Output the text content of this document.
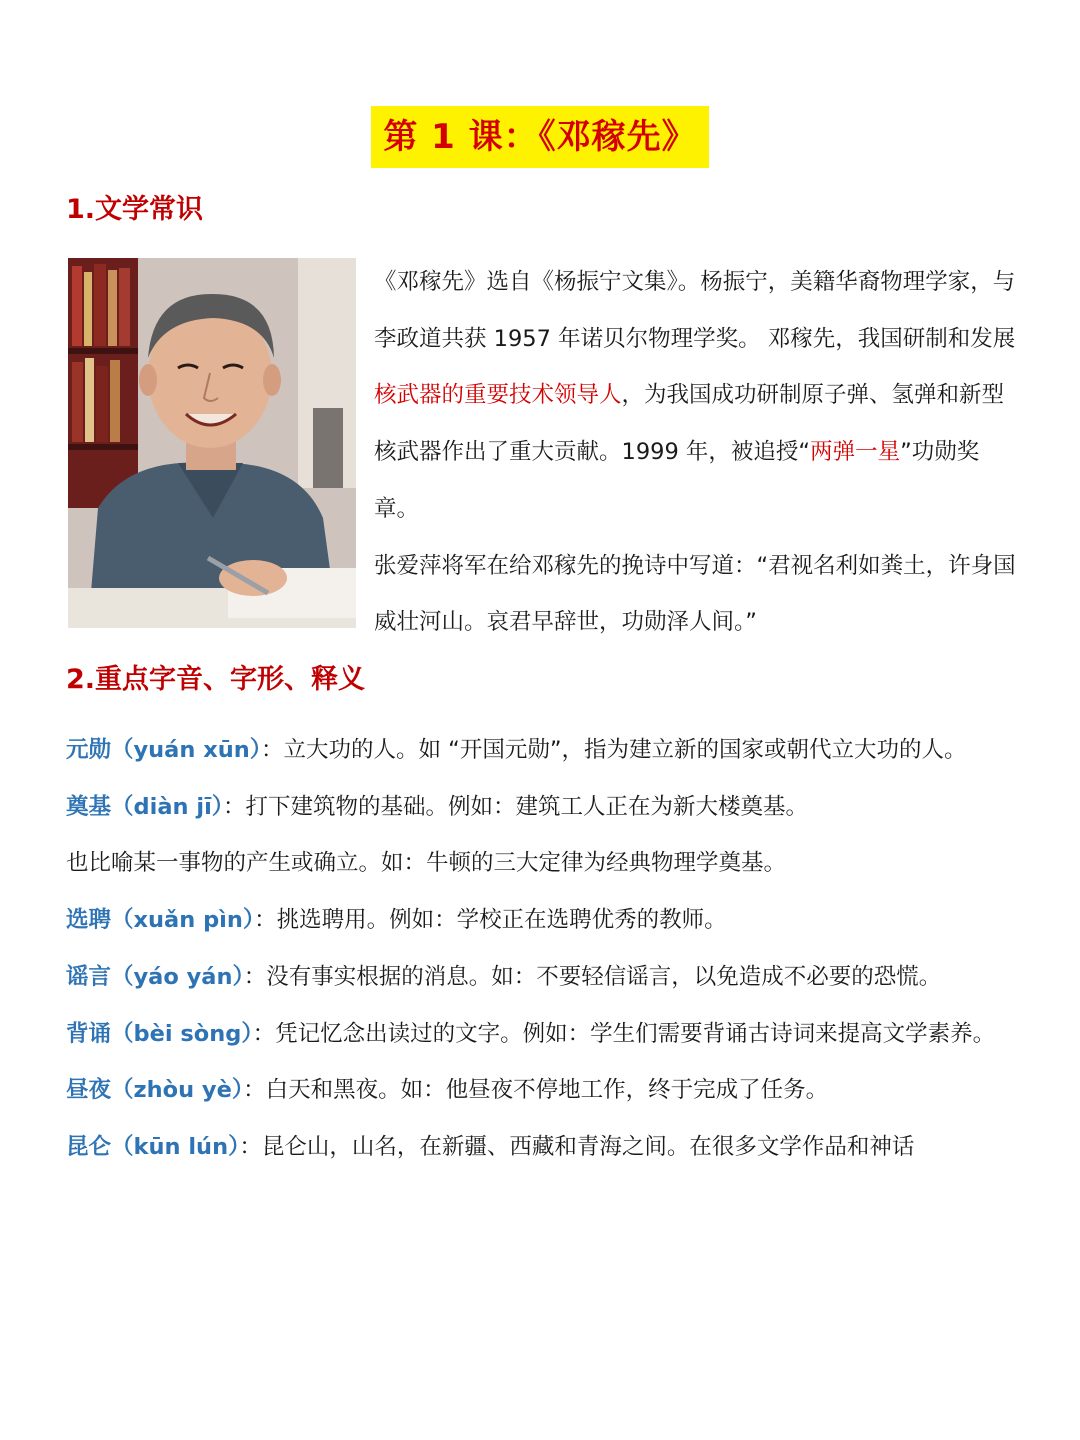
第 1 课：《邓稼先》
1.文学常识

《邓稼先》选自《杨振宁文集》。杨振宁，美籍华裔物理学家，与李政道共获 1957 年诺贝尔物理学奖。 邓稼先，我国研制和发展核武器的重要技术领导人，为我国成功研制原子弹、氢弹和新型核武器作出了重大贡献。1999 年，被追授“两弹一星”功勋奖章。

张爱萍将军在给邓稼先的挽诗中写道：“君视名利如粪土，许身国威壮河山。哀君早辞世，功勋泽人间。”

2.重点字音、字形、释义

元勋（yuán xūn）：立大功的人。如 “开国元勋”，指为建立新的国家或朝代立大功的人。

奠基（diàn jī）：打下建筑物的基础。例如：建筑工人正在为新大楼奠基。

也比喻某一事物的产生或确立。如：牛顿的三大定律为经典物理学奠基。

选聘（xuǎn pìn）：挑选聘用。例如：学校正在选聘优秀的教师。

谣言（yáo yán）：没有事实根据的消息。如：不要轻信谣言，以免造成不必要的恐慌。

背诵（bèi sòng）：凭记忆念出读过的文字。例如：学生们需要背诵古诗词来提高文学素养。

昼夜（zhòu yè）：白天和黑夜。如：他昼夜不停地工作，终于完成了任务。

昆仑（kūn lún）：昆仑山，山名，在新疆、西藏和青海之间。在很多文学作品和神话
